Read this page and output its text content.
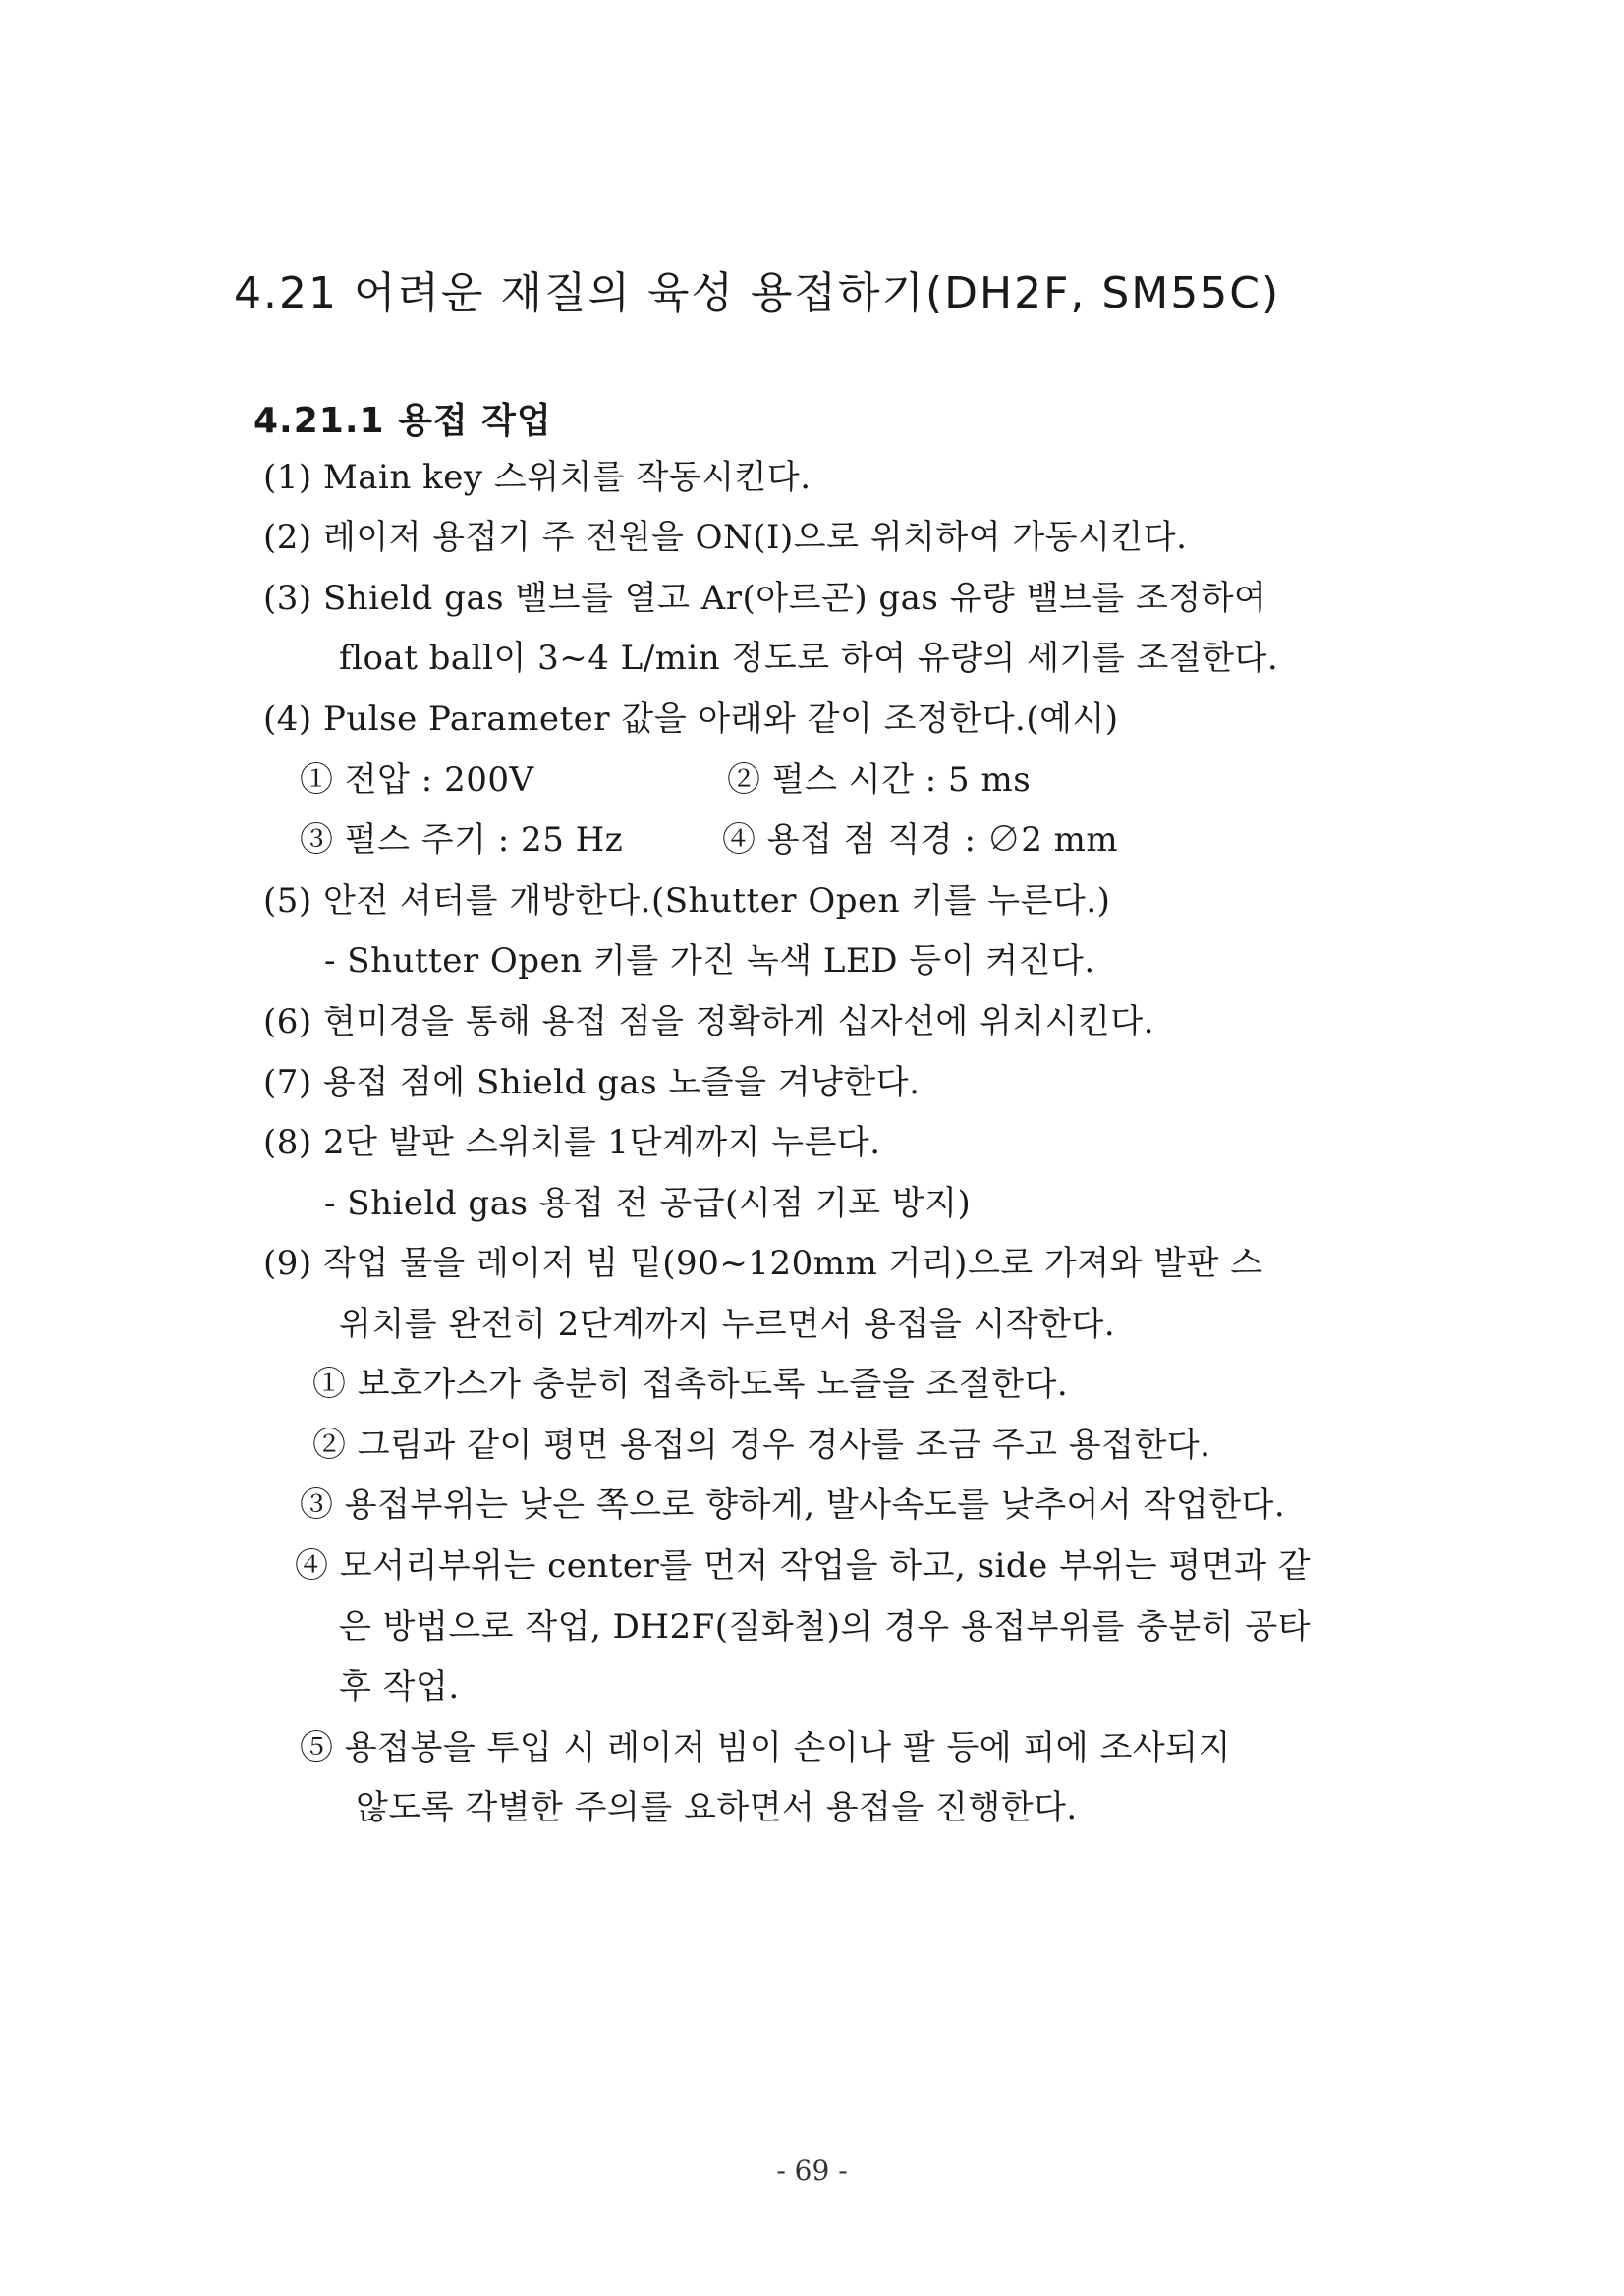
4.21 어려운 재질의 육성 용접하기(DH2F, SM55C)
4.21.1 용접 작업
(1) Main key 스위치를 작동시킨다.
(2) 레이저 용접기 주 전원을 ON(Ⅰ)으로 위치하여 가동시킨다.
(3) Shield gas 밸브를 열고 Ar(아르곤) gas 유량 밸브를 조정하여
float ball이 3~4 L/min 정도로 하여 유량의 세기를 조절한다.
(4) Pulse Parameter 값을 아래와 같이 조정한다.(예시)
① 전압 : 200V	② 펄스 시간 : 5 ms
③ 펄스 주기 : 25 Hz	④ 용접 점 직경 : ∅2 mm
(5) 안전 셔터를 개방한다.(Shutter Open 키를 누른다.)
- Shutter Open 키를 가진 녹색 LED 등이 켜진다.
(6) 현미경을 통해 용접 점을 정확하게 십자선에 위치시킨다.
(7) 용접 점에 Shield gas 노즐을 겨냥한다.
(8) 2단 발판 스위치를 1단계까지 누른다.
- Shield gas 용접 전 공급(시점 기포 방지)
(9) 작업 물을 레이저 빔 밑(90~120mm 거리)으로 가져와 발판 스
위치를 완전히 2단계까지 누르면서 용접을 시작한다.
① 보호가스가 충분히 접촉하도록 노즐을 조절한다.
② 그림과 같이 평면 용접의 경우 경사를 조금 주고 용접한다.
③ 용접부위는 낮은 쪽으로 향하게, 발사속도를 낮추어서 작업한다.
④ 모서리부위는 center를 먼저 작업을 하고, side 부위는 평면과 같
은 방법으로 작업, DH2F(질화철)의 경우 용접부위를 충분히 공타
후 작업.
⑤ 용접봉을 투입 시 레이저 빔이 손이나 팔 등에 피에 조사되지
않도록 각별한 주의를 요하면서 용접을 진행한다.
- 69 -
